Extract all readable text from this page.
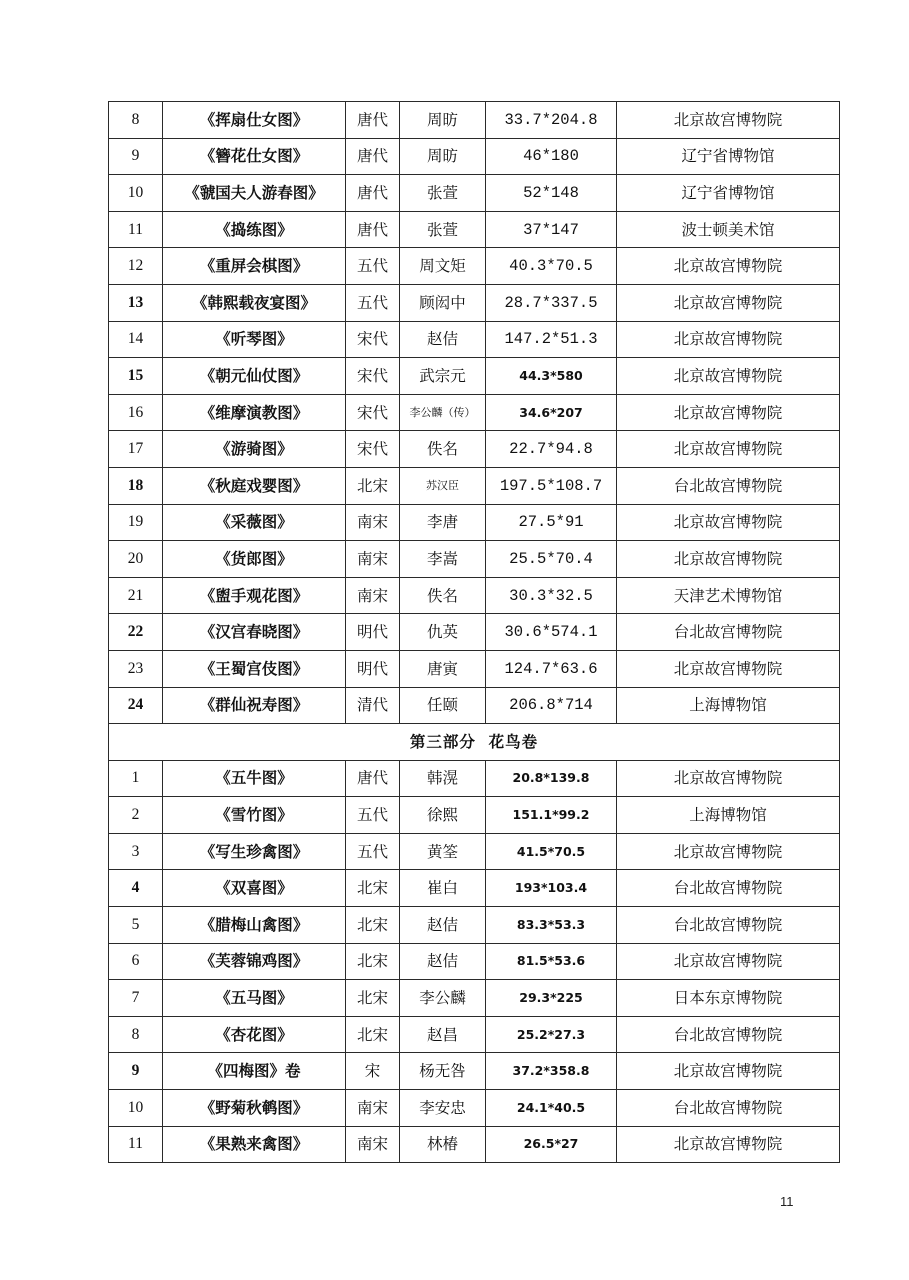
8	《挥扇仕女图》	唐代	周昉	33.7*204.8	北京故宫博物院
9	《簪花仕女图》	唐代	周昉	46*180	辽宁省博物馆
10	《虢国夫人游春图》	唐代	张萱	52*148	辽宁省博物馆
11	《捣练图》	唐代	张萱	37*147	波士顿美术馆
12	《重屏会棋图》	五代	周文矩	40.3*70.5	北京故宫博物院
13	《韩熙载夜宴图》	五代	顾闳中	28.7*337.5	北京故宫博物院
14	《听琴图》	宋代	赵佶	147.2*51.3	北京故宫博物院
15	《朝元仙仗图》	宋代	武宗元	44.3*580	北京故宫博物院
16	《维摩演教图》	宋代	李公麟（传）	34.6*207	北京故宫博物院
17	《游骑图》	宋代	佚名	22.7*94.8	北京故宫博物院
18	《秋庭戏婴图》	北宋	苏汉臣	197.5*108.7	台北故宫博物院
19	《采薇图》	南宋	李唐	27.5*91	北京故宫博物院
20	《货郎图》	南宋	李嵩	25.5*70.4	北京故宫博物院
21	《盥手观花图》	南宋	佚名	30.3*32.5	天津艺术博物馆
22	《汉宫春晓图》	明代	仇英	30.6*574.1	台北故宫博物院
23	《王蜀宫伎图》	明代	唐寅	124.7*63.6	北京故宫博物院
24	《群仙祝寿图》	清代	任颐	206.8*714	上海博物馆
第三部分  花鸟卷					
1	《五牛图》	唐代	韩滉	20.8*139.8	北京故宫博物院
2	《雪竹图》	五代	徐熙	151.1*99.2	上海博物馆
3	《写生珍禽图》	五代	黄筌	41.5*70.5	北京故宫博物院
4	《双喜图》	北宋	崔白	193*103.4	台北故宫博物院
5	《腊梅山禽图》	北宋	赵佶	83.3*53.3	台北故宫博物院
6	《芙蓉锦鸡图》	北宋	赵佶	81.5*53.6	北京故宫博物院
7	《五马图》	北宋	李公麟	29.3*225	日本东京博物院
8	《杏花图》	北宋	赵昌	25.2*27.3	台北故宫博物院
9	《四梅图》卷	宋	杨无咎	37.2*358.8	北京故宫博物院
10	《野菊秋鹌图》	南宋	李安忠	24.1*40.5	台北故宫博物院
11	《果熟来禽图》	南宋	林椿	26.5*27	北京故宫博物院
11
